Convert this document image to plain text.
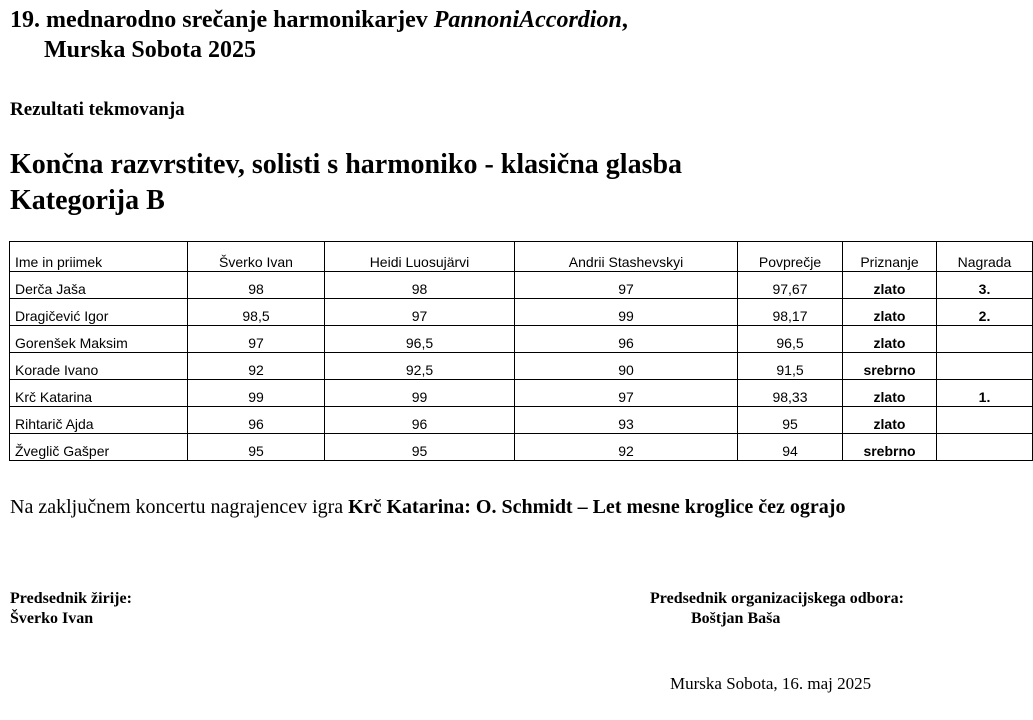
19. mednarodno srečanje harmonikarjev PannoniAccordion,
Murska Sobota 2025
Rezultati tekmovanja
Končna razvrstitev, solisti s harmoniko - klasična glasba
Kategorija B
Ime in priimek	Šverko Ivan	Heidi Luosujärvi	Andrii Stashevskyi	Povprečje	Priznanje	Nagrada
Derča Jaša	98	98	97	97,67	zlato	3.
Dragičević Igor	98,5	97	99	98,17	zlato	2.
Gorenšek Maksim	97	96,5	96	96,5	zlato	
Korade Ivano	92	92,5	90	91,5	srebrno	
Krč Katarina	99	99	97	98,33	zlato	1.
Rihtarič Ajda	96	96	93	95	zlato	
Žveglič Gašper	95	95	92	94	srebrno	
Na zaključnem koncertu nagrajencev igra Krč Katarina: O. Schmidt – Let mesne kroglice čez ograjo
Predsednik žirije:
Šverko Ivan
Predsednik organizacijskega odbora:
Boštjan Baša
Murska Sobota, 16. maj 2025
